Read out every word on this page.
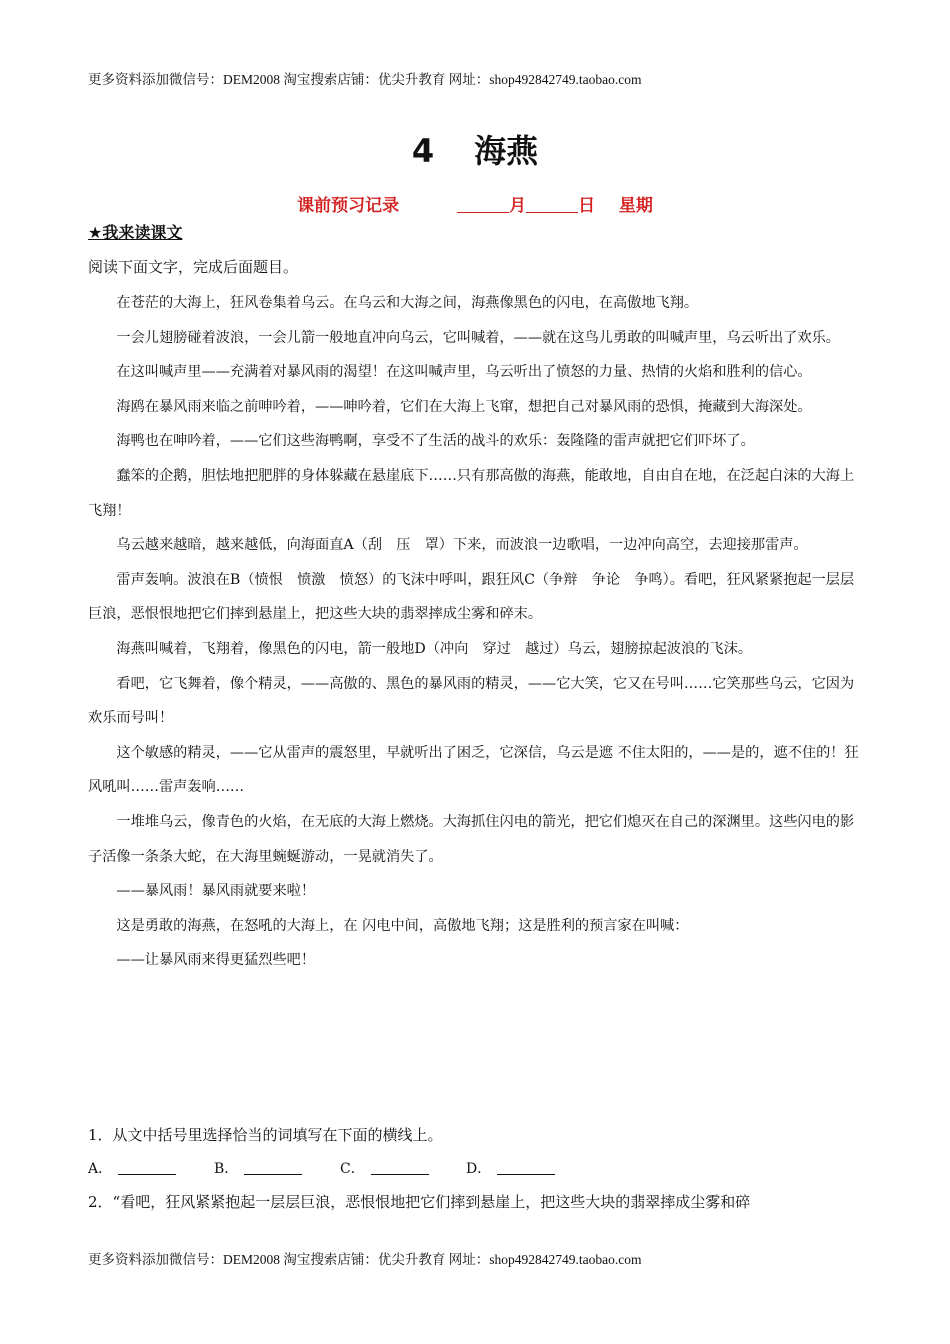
更多资料添加微信号：DEM2008 淘宝搜索店铺：优尖升教育 网址：shop492842749.taobao.com
4 海燕
课前预习记录	月	日 星期
★我来读课文
阅读下面文字，完成后面题目。

在苍茫的大海上，狂风卷集着乌云。在乌云和大海之间，海燕像黑色的闪电，在高傲地飞翔。

一会儿翅膀碰着波浪，一会儿箭一般地直冲向乌云，它叫喊着，——就在这鸟儿勇敢的叫喊声里，乌云听出了欢乐。

在这叫喊声里——充满着对暴风雨的渴望！在这叫喊声里，乌云听出了愤怒的力量、热情的火焰和胜利的信心。

海鸥在暴风雨来临之前呻吟着，——呻吟着，它们在大海上飞窜，想把自己对暴风雨的恐惧，掩藏到大海深处。

海鸭也在呻吟着，——它们这些海鸭啊，享受不了生活的战斗的欢乐：轰隆隆的雷声就把它们吓坏了。

蠢笨的企鹅，胆怯地把肥胖的身体躲藏在悬崖底下……只有那高傲的海燕，能敢地，自由自在地，在泛起白沫的大海上飞翔！

乌云越来越暗，越来越低，向海面直A（刮　压　罩）下来，而波浪一边歌唱，一边冲向高空，去迎接那雷声。

雷声轰响。波浪在B（愤恨　愤激　愤怒）的飞沫中呼叫，跟狂风C（争辩　争论　争鸣）。看吧，狂风紧紧抱起一层层巨浪，恶恨恨地把它们摔到悬崖上，把这些大块的翡翠摔成尘雾和碎末。

海燕叫喊着，飞翔着，像黑色的闪电，箭一般地D（冲向　穿过　越过）乌云，翅膀掠起波浪的飞沫。

看吧，它飞舞着，像个精灵，——高傲的、黑色的暴风雨的精灵，——它大笑，它又在号叫……它笑那些乌云，它因为欢乐而号叫！

这个敏感的精灵，——它从雷声的震怒里，早就听出了困乏，它深信，乌云是遮 不住太阳的，——是的，遮不住的！狂风吼叫……雷声轰响……

一堆堆乌云，像青色的火焰，在无底的大海上燃烧。大海抓住闪电的箭光，把它们熄灭在自己的深渊里。这些闪电的影子活像一条条大蛇，在大海里蜿蜒游动，一晃就消失了。

——暴风雨！暴风雨就要来啦！

这是勇敢的海燕，在怒吼的大海上，在 闪电中间，高傲地飞翔；这是胜利的预言家在叫喊：

——让暴风雨来得更猛烈些吧！

1．从文中括号里选择恰当的词填写在下面的横线上。
A．	B．	C．	D．
2．“看吧，狂风紧紧抱起一层层巨浪，恶恨恨地把它们摔到悬崖上，把这些大块的翡翠摔成尘雾和碎
更多资料添加微信号：DEM2008 淘宝搜索店铺：优尖升教育 网址：shop492842749.taobao.com
